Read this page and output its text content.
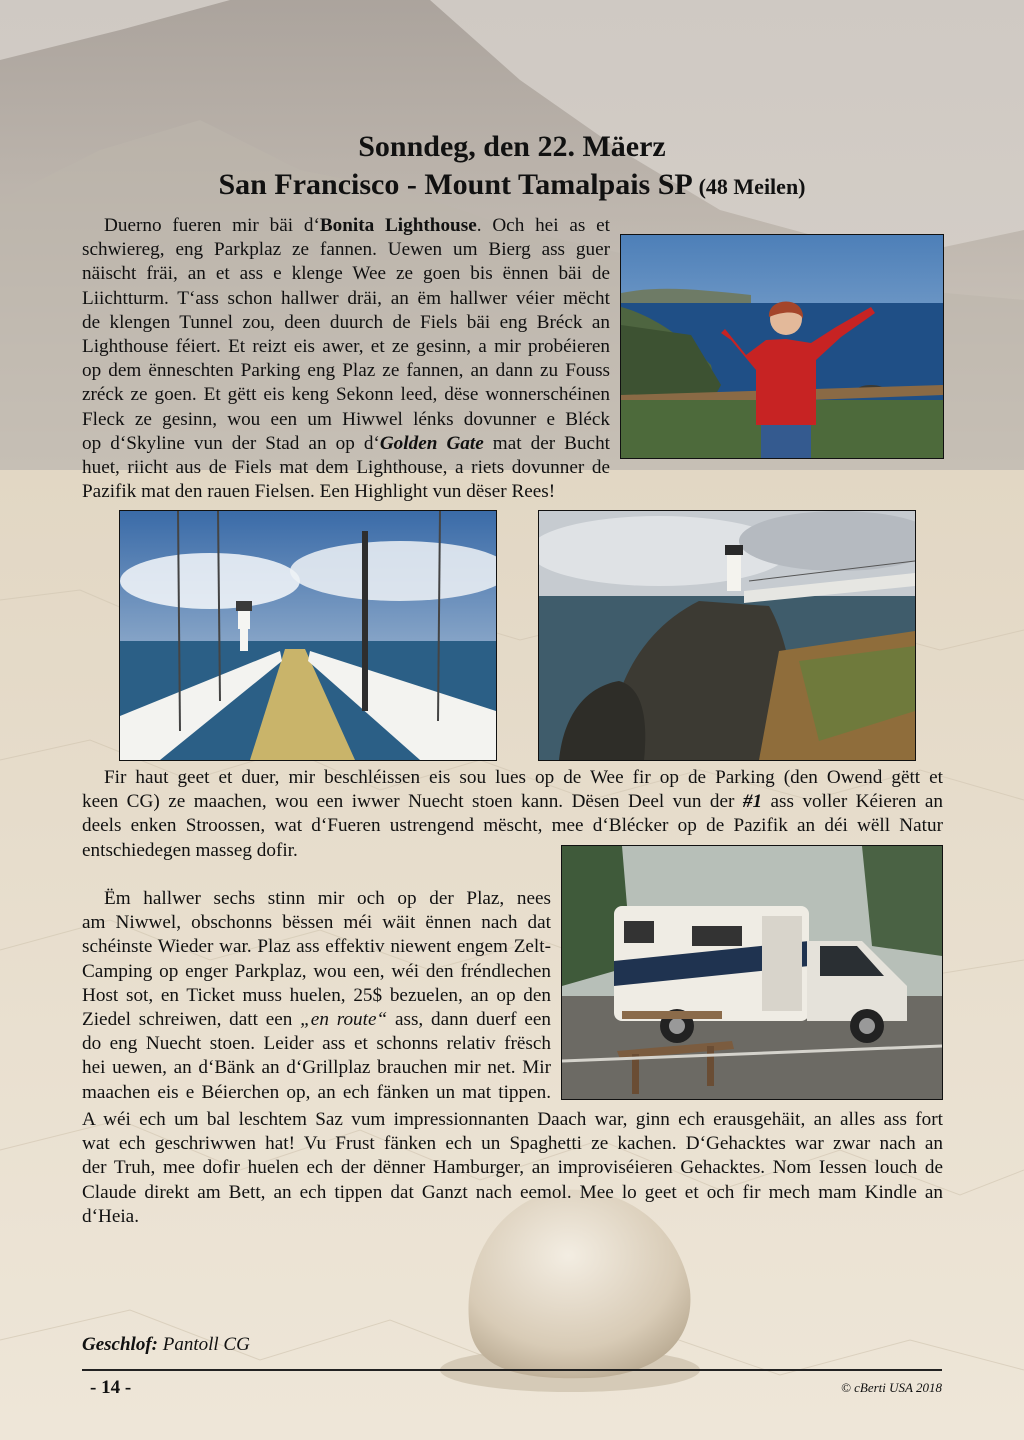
Sonndeg, den 22. Mäerz
San Francisco - Mount Tamalpais SP (48 Meilen)
Duerno fueren mir bäi d‘Bonita Lighthouse. Och hei as et
schwiereg, eng Parkplaz ze fannen. Uewen um Bierg ass guer
näischt fräi, an et ass e klenge Wee ze goen bis ënnen bäi de
Liichtturm. T‘ass schon hallwer dräi, an ëm hallwer véier mëcht
de klengen Tunnel zou, deen duurch de Fiels bäi eng Bréck an
Lighthouse féiert. Et reizt eis awer, et ze gesinn, a mir probéieren
op dem ënneschten Parking eng Plaz ze fannen, an dann zu Fouss
zréck ze goen. Et gëtt eis keng Sekonn leed, dëse wonnerschéinen
Fleck ze gesinn, wou een um Hiwwel lénks dovunner e Bléck
op d‘Skyline vun der Stad an op d‘Golden Gate mat der Bucht
huet, riicht aus de Fiels mat dem Lighthouse, a riets dovunner de
Pazifik mat den rauen Fielsen. Een Highlight vun dëser Rees!
Fir haut geet et duer, mir beschléissen eis sou lues op de Wee fir op de Parking (den Owend gëtt et
keen CG) ze maachen, wou een iwwer Nuecht stoen kann. Dësen Deel vun der #1 ass voller Kéieren an
deels enken Stroossen, wat d‘Fueren ustrengend mëscht, mee d‘Blécker op de Pazifik an déi wëll Natur
entschiedegen masseg dofir.
Ëm hallwer sechs stinn mir och op der Plaz, nees
am Niwwel, obschonns bëssen méi wäit ënnen nach dat
schéinste Wieder war. Plaz ass effektiv niewent engem Zelt-
Camping op enger Parkplaz, wou een, wéi den fréndlechen
Host sot, en Ticket muss huelen, 25$ bezuelen, an op den
Ziedel schreiwen, datt een „en route“ ass, dann duerf een
do eng Nuecht stoen. Leider ass et schonns relativ frësch
hei uewen, an d‘Bänk an d‘Grillplaz brauchen mir net. Mir
maachen eis e Béierchen op, an ech fänken un mat tippen.
A wéi ech um bal leschtem Saz vum impressionnanten Daach war, ginn ech erausgehäit, an alles ass fort
wat ech geschriwwen hat! Vu Frust fänken ech un Spaghetti ze kachen. D‘Gehacktes war zwar nach an
der Truh, mee dofir huelen ech der dënner Hamburger, an improviséieren Gehacktes. Nom Iessen louch de
Claude direkt am Bett, an ech tippen dat Ganzt nach eemol. Mee lo geet et och fir mech mam Kindle an
d‘Heia.
Geschlof: Pantoll CG
- 14 -	© cBerti USA 2018
